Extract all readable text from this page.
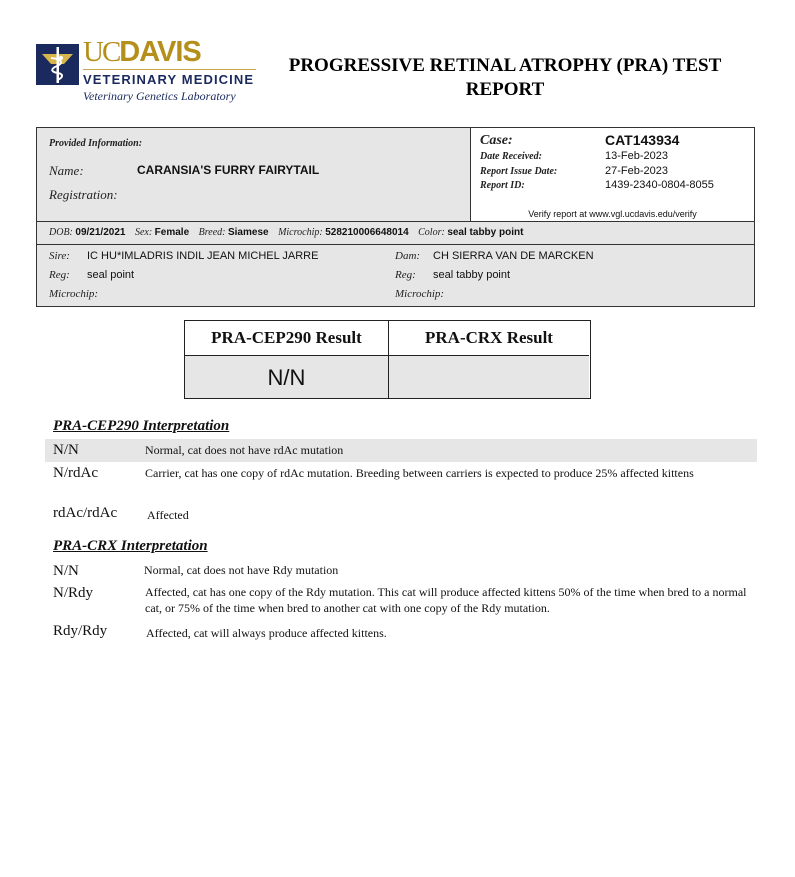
UCDAVIS
VETERINARY MEDICINE
Veterinary Genetics Laboratory
PROGRESSIVE RETINAL ATROPHY (PRA) TEST
REPORT
Provided Information:
Name:	CARANSIA'S FURRY FAIRYTAIL
Registration:
Case:	CAT143934
Date Received:	13-Feb-2023
Report Issue Date:	27-Feb-2023
Report ID:	1439-2340-0804-8055
Verify report at www.vgl.ucdavis.edu/verify
DOB: 09/21/2021 Sex: Female Breed: Siamese Microchip: 528210006648014 Color: seal tabby point
Sire: IC HU*IMLADRIS INDIL JEAN MICHEL JARRE
Reg: seal point
Microchip:
Dam: CH SIERRA VAN DE MARCKEN
Reg: seal tabby point
Microchip:
PRA-CEP290 Result	PRA-CRX Result
N/N
PRA-CEP290 Interpretation
N/N	Normal, cat does not have rdAc mutation
N/rdAc	Carrier, cat has one copy of rdAc mutation. Breeding between carriers is expected to produce 25% affected kittens
rdAc/rdAc Affected
PRA-CRX Interpretation
N/N	Normal, cat does not have Rdy mutation
N/Rdy	Affected, cat has one copy of the Rdy mutation. This cat will produce affected kittens 50% of the time when bred to a normal cat, or 75% of the time when bred to another cat with one copy of the Rdy mutation.
Rdy/Rdy	Affected, cat will always produce affected kittens.
